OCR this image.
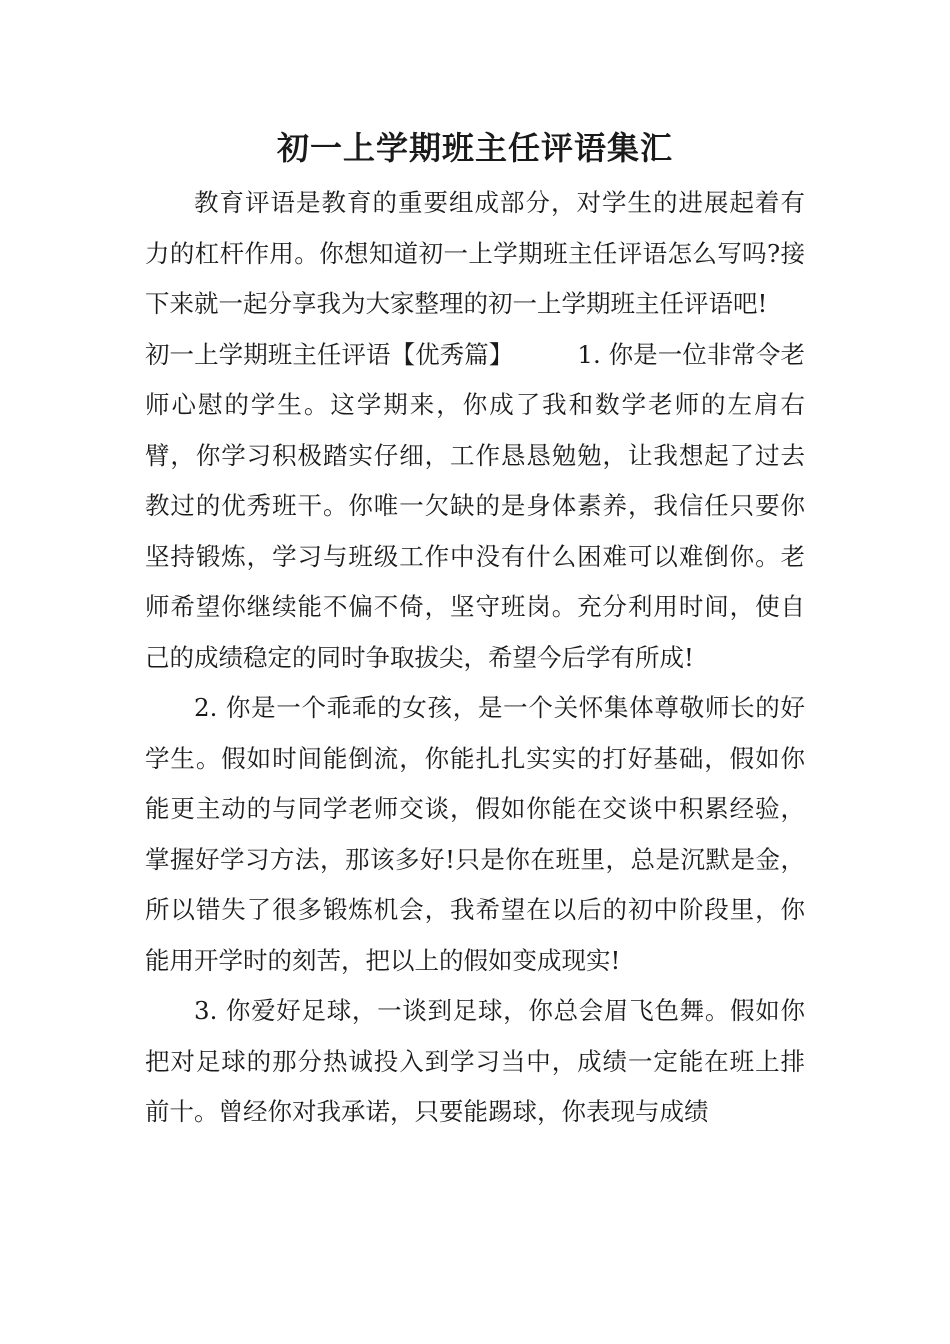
初一上学期班主任评语集汇

教育评语是教育的重要组成部分，对学生的进展起着有力的杠杆作用。你想知道初一上学期班主任评语怎么写吗?接下来就一起分享我为大家整理的初一上学期班主任评语吧!

初一上学期班主任评语【优秀篇】	1. 你是一位非常令老师心慰的学生。这学期来，你成了我和数学老师的左肩右臂，你学习积极踏实仔细，工作恳恳勉勉，让我想起了过去教过的优秀班干。你唯一欠缺的是身体素养，我信任只要你坚持锻炼，学习与班级工作中没有什么困难可以难倒你。老师希望你继续能不偏不倚，坚守班岗。充分利用时间，使自己的成绩稳定的同时争取拔尖，希望今后学有所成!

2. 你是一个乖乖的女孩，是一个关怀集体尊敬师长的好学生。假如时间能倒流，你能扎扎实实的打好基础，假如你能更主动的与同学老师交谈，假如你能在交谈中积累经验，掌握好学习方法，那该多好!只是你在班里，总是沉默是金，所以错失了很多锻炼机会，我希望在以后的初中阶段里，你能用开学时的刻苦，把以上的假如变成现实!

3. 你爱好足球，一谈到足球，你总会眉飞色舞。假如你把对足球的那分热诚投入到学习当中，成绩一定能在班上排前十。曾经你对我承诺，只要能踢球，你表现与成绩
